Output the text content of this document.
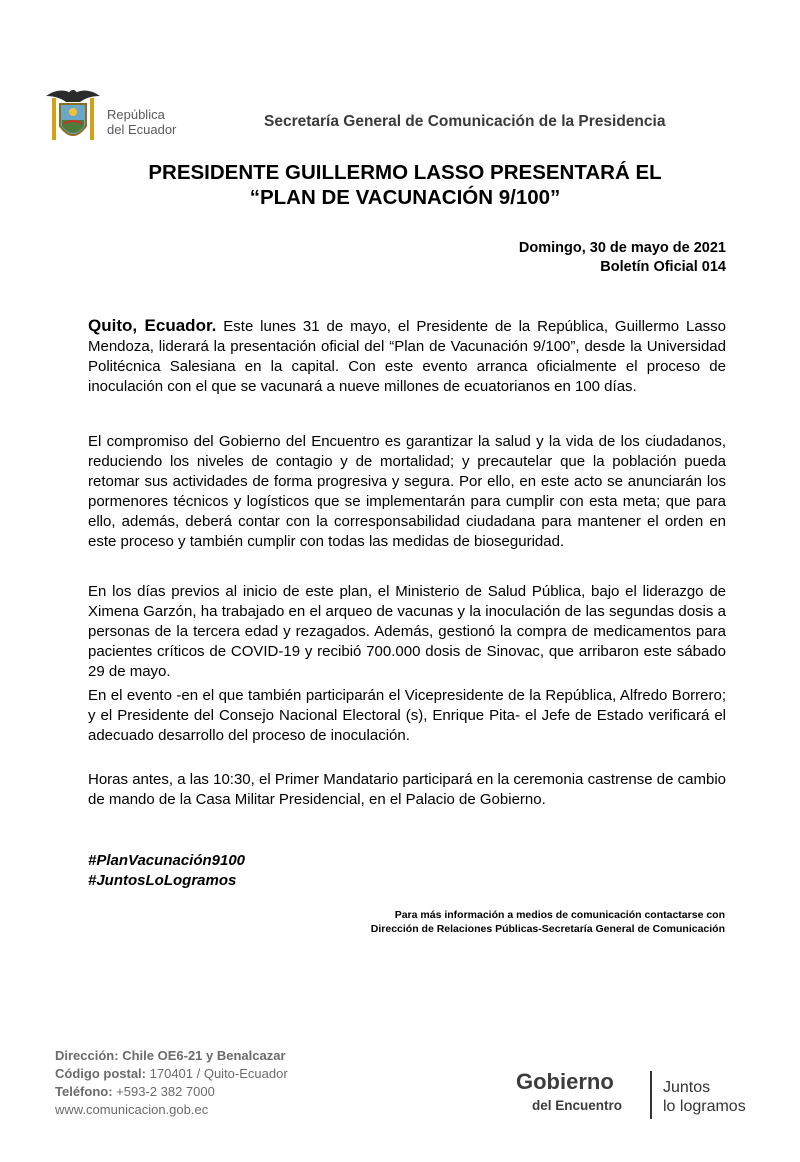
República
del Ecuador	Secretaría General de Comunicación de la Presidencia
PRESIDENTE GUILLERMO LASSO PRESENTARÁ EL
“PLAN DE VACUNACIÓN 9/100”
Domingo, 30 de mayo de 2021
Boletín Oficial 014

Quito, Ecuador. Este lunes 31 de mayo, el Presidente de la República, Guillermo Lasso Mendoza, liderará la presentación oficial del “Plan de Vacunación 9/100”, desde la Universidad Politécnica Salesiana en la capital. Con este evento arranca oficialmente el proceso de inoculación con el que se vacunará a nueve millones de ecuatorianos en 100 días.

El compromiso del Gobierno del Encuentro es garantizar la salud y la vida de los ciudadanos, reduciendo los niveles de contagio y de mortalidad; y precautelar que la población pueda retomar sus actividades de forma progresiva y segura. Por ello, en este acto se anunciarán los pormenores técnicos y logísticos que se implementarán para cumplir con esta meta; que para ello, además, deberá contar con la corresponsabilidad ciudadana para mantener el orden en este proceso y también cumplir con todas las medidas de bioseguridad.
En los días previos al inicio de este plan, el Ministerio de Salud Pública, bajo el liderazgo de Ximena Garzón, ha trabajado en el arqueo de vacunas y la inoculación de las segundas dosis a personas de la tercera edad y rezagados. Además, gestionó la compra de medicamentos para pacientes críticos de COVID-19 y recibió 700.000 dosis de Sinovac, que arribaron este sábado 29 de mayo.
En el evento -en el que también participarán el Vicepresidente de la República, Alfredo Borrero; y el Presidente del Consejo Nacional Electoral (s), Enrique Pita- el Jefe de Estado verificará el adecuado desarrollo del proceso de inoculación.
Horas antes, a las 10:30, el Primer Mandatario participará en la ceremonia castrense de cambio de mando de la Casa Militar Presidencial, en el Palacio de Gobierno.
#PlanVacunación9100
#JuntosLoLogramos
Para más información a medios de comunicación contactarse con
Dirección de Relaciones Públicas-Secretaría General de Comunicación
Dirección: Chile OE6-21 y Benalcazar
Código postal: 170401 / Quito-Ecuador
Teléfono: +593-2 382 7000
www.comunicacion.gob.ec
Gobierno
del Encuentro
Juntos
lo logramos
